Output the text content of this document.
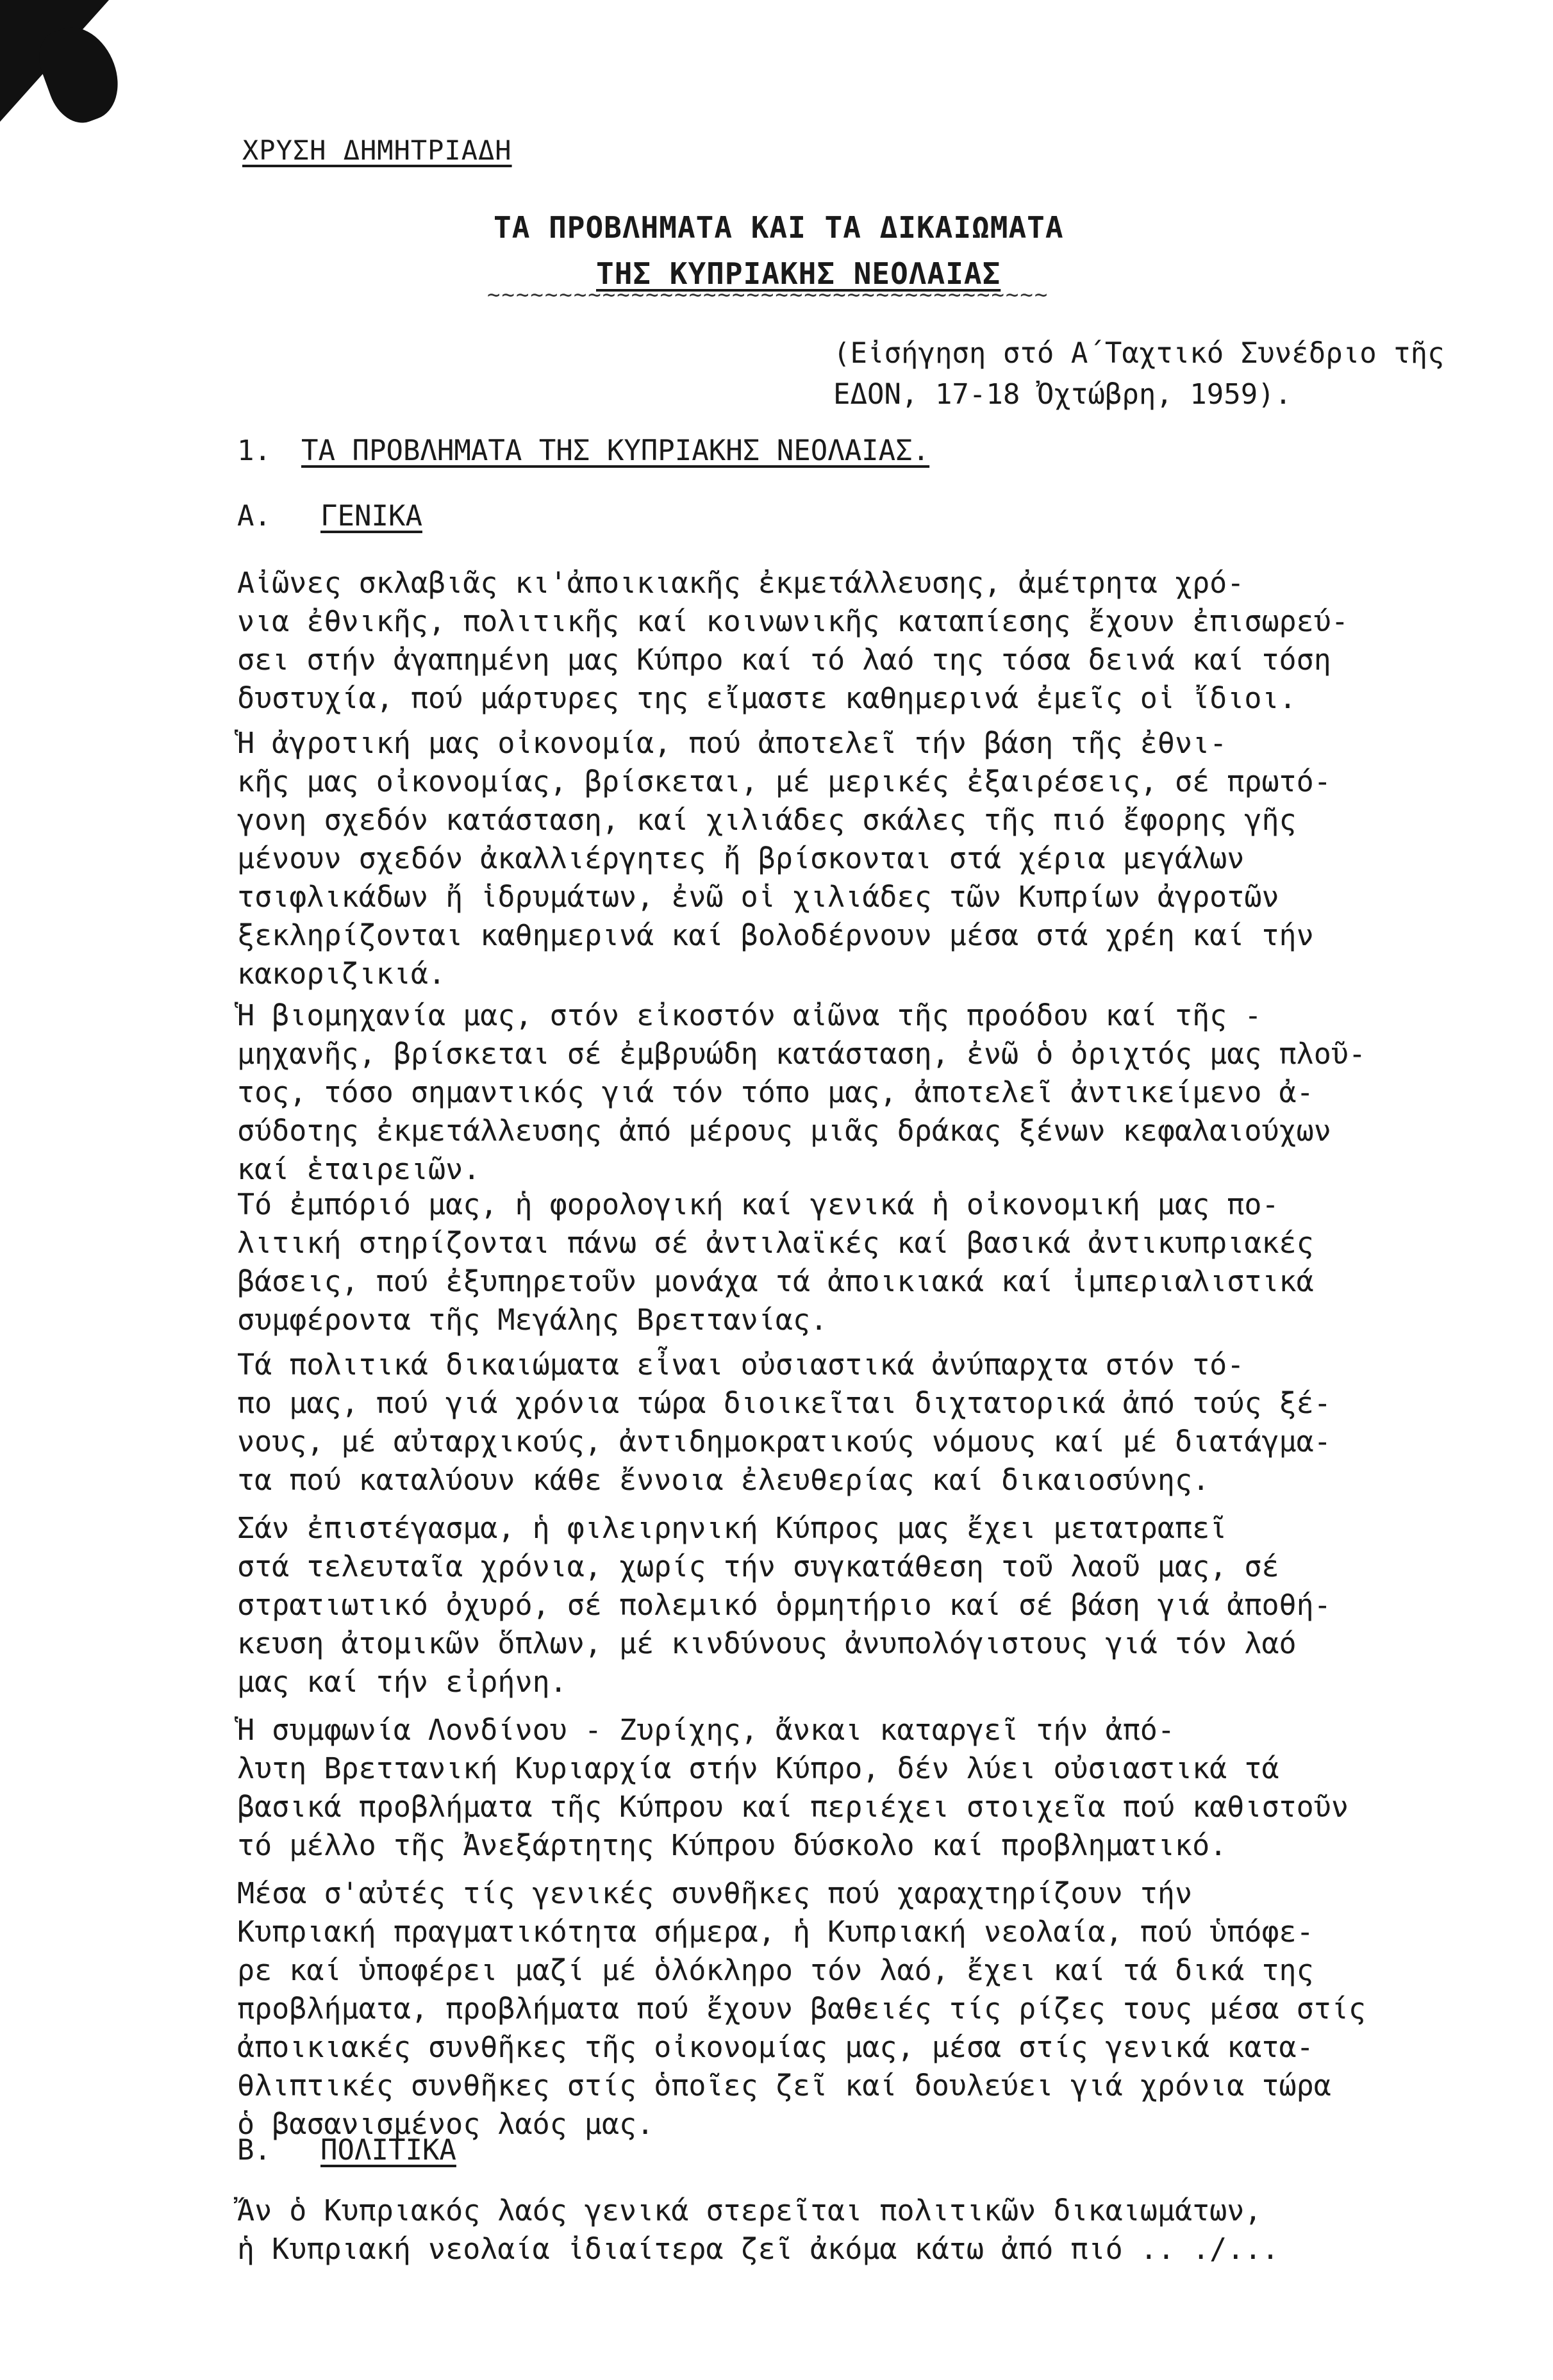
ΧΡΥΣΗ ΔΗΜΗΤΡΙΑΔΗ
ΤΑ ΠΡΟΒΛΗΜΑΤΑ ΚΑΙ ΤΑ ΔΙΚΑΙΩΜΑΤΑ
ΤΗΣ ΚΥΠΡΙΑΚΗΣ ΝΕΟΛΑΙΑΣ
~~~~~~~~~~~~~~~~~~~~~~~~~~~~~~~~~~~~~~~
(Εἰσήγηση στό Α΄Ταχτικό Συνέδριο τῆς ΕΔΟΝ, 17-18 Ὀχτώβρη, 1959).
1. ΤΑ ΠΡΟΒΛΗΜΑΤΑ ΤΗΣ ΚΥΠΡΙΑΚΗΣ ΝΕΟΛΑΙΑΣ.
Α. ΓΕΝΙΚΑ

Αἰῶνες σκλαβιᾶς κι'ἀποικιακῆς ἐκμετάλλευσης, ἀμέτρητα χρό-
νια ἐθνικῆς, πολιτικῆς καί κοινωνικῆς καταπίεσης ἔχουν ἐπισωρεύ-
σει στήν ἀγαπημένη μας Κύπρο καί τό λαό της τόσα δεινά καί τόση
δυστυχία, πού μάρτυρες της εἴμαστε καθημερινά ἐμεῖς οἱ ἴδιοι.

Ἡ ἀγροτική μας οἰκονομία, πού ἀποτελεῖ τήν βάση τῆς ἐθνι-
κῆς μας οἰκονομίας, βρίσκεται, μέ μερικές ἐξαιρέσεις, σέ πρωτό-
γονη σχεδόν κατάσταση, καί χιλιάδες σκάλες τῆς πιό ἔφορης γῆς
μένουν σχεδόν ἀκαλλιέργητες ἤ βρίσκονται στά χέρια μεγάλων
τσιφλικάδων ἤ ἱδρυμάτων, ἐνῶ οἱ χιλιάδες τῶν Κυπρίων ἀγροτῶν
ξεκληρίζονται καθημερινά καί βολοδέρνουν μέσα στά χρέη καί τήν
κακοριζικιά.

Ἡ βιομηχανία μας, στόν εἰκοστόν αἰῶνα τῆς προόδου καί τῆς -
μηχανῆς, βρίσκεται σέ ἐμβρυώδη κατάσταση, ἐνῶ ὁ ὀριχτός μας πλοῦ-
τος, τόσο σημαντικός γιά τόν τόπο μας, ἀποτελεῖ ἀντικείμενο ἀ-
σύδοτης ἐκμετάλλευσης ἀπό μέρους μιᾶς δράκας ξένων κεφαλαιούχων
καί ἑταιρειῶν.

Τό ἐμπόριό μας, ἡ φορολογική καί γενικά ἡ οἰκονομική μας πο-
λιτική στηρίζονται πάνω σέ ἀντιλαϊκές καί βασικά ἀντικυπριακές
βάσεις, πού ἐξυπηρετοῦν μονάχα τά ἀποικιακά καί ἰμπεριαλιστικά
συμφέροντα τῆς Μεγάλης Βρεττανίας.

Τά πολιτικά δικαιώματα εἶναι οὐσιαστικά ἀνύπαρχτα στόν τό-
πο μας, πού γιά χρόνια τώρα διοικεῖται διχτατορικά ἀπό τούς ξέ-
νους, μέ αὐταρχικούς, ἀντιδημοκρατικούς νόμους καί μέ διατάγμα-
τα πού καταλύουν κάθε ἔννοια ἐλευθερίας καί δικαιοσύνης.

Σάν ἐπιστέγασμα, ἡ φιλειρηνική Κύπρος μας ἔχει μετατραπεῖ
στά τελευταῖα χρόνια, χωρίς τήν συγκατάθεση τοῦ λαοῦ μας, σέ
στρατιωτικό ὀχυρό, σέ πολεμικό ὁρμητήριο καί σέ βάση γιά ἀποθή-
κευση ἀτομικῶν ὅπλων, μέ κινδύνους ἀνυπολόγιστους γιά τόν λαό
μας καί τήν εἰρήνη.

Ἡ συμφωνία Λονδίνου - Ζυρίχης, ἄνκαι καταργεῖ τήν ἀπό-
λυτη Βρεττανική Κυριαρχία στήν Κύπρο, δέν λύει οὐσιαστικά τά
βασικά προβλήματα τῆς Κύπρου καί περιέχει στοιχεῖα πού καθιστοῦν
τό μέλλο τῆς Ἀνεξάρτητης Κύπρου δύσκολο καί προβληματικό.

Μέσα σ'αὐτές τίς γενικές συνθῆκες πού χαραχτηρίζουν τήν
Κυπριακή πραγματικότητα σήμερα, ἡ Κυπριακή νεολαία, πού ὑπόφε-
ρε καί ὑποφέρει μαζί μέ ὁλόκληρο τόν λαό, ἔχει καί τά δικά της
προβλήματα, προβλήματα πού ἔχουν βαθειές τίς ρίζες τους μέσα στίς
ἀποικιακές συνθῆκες τῆς οἰκονομίας μας, μέσα στίς γενικά κατα-
θλιπτικές συνθῆκες στίς ὁποῖες ζεῖ καί δουλεύει γιά χρόνια τώρα
ὁ βασανισμένος λαός μας.

Β. ΠΟΛΙΤΙΚΑ

Ἄν ὁ Κυπριακός λαός γενικά στερεῖται πολιτικῶν δικαιωμάτων,
ἡ Κυπριακή νεολαία ἰδιαίτερα ζεῖ ἀκόμα κάτω ἀπό πιό .. ./...
